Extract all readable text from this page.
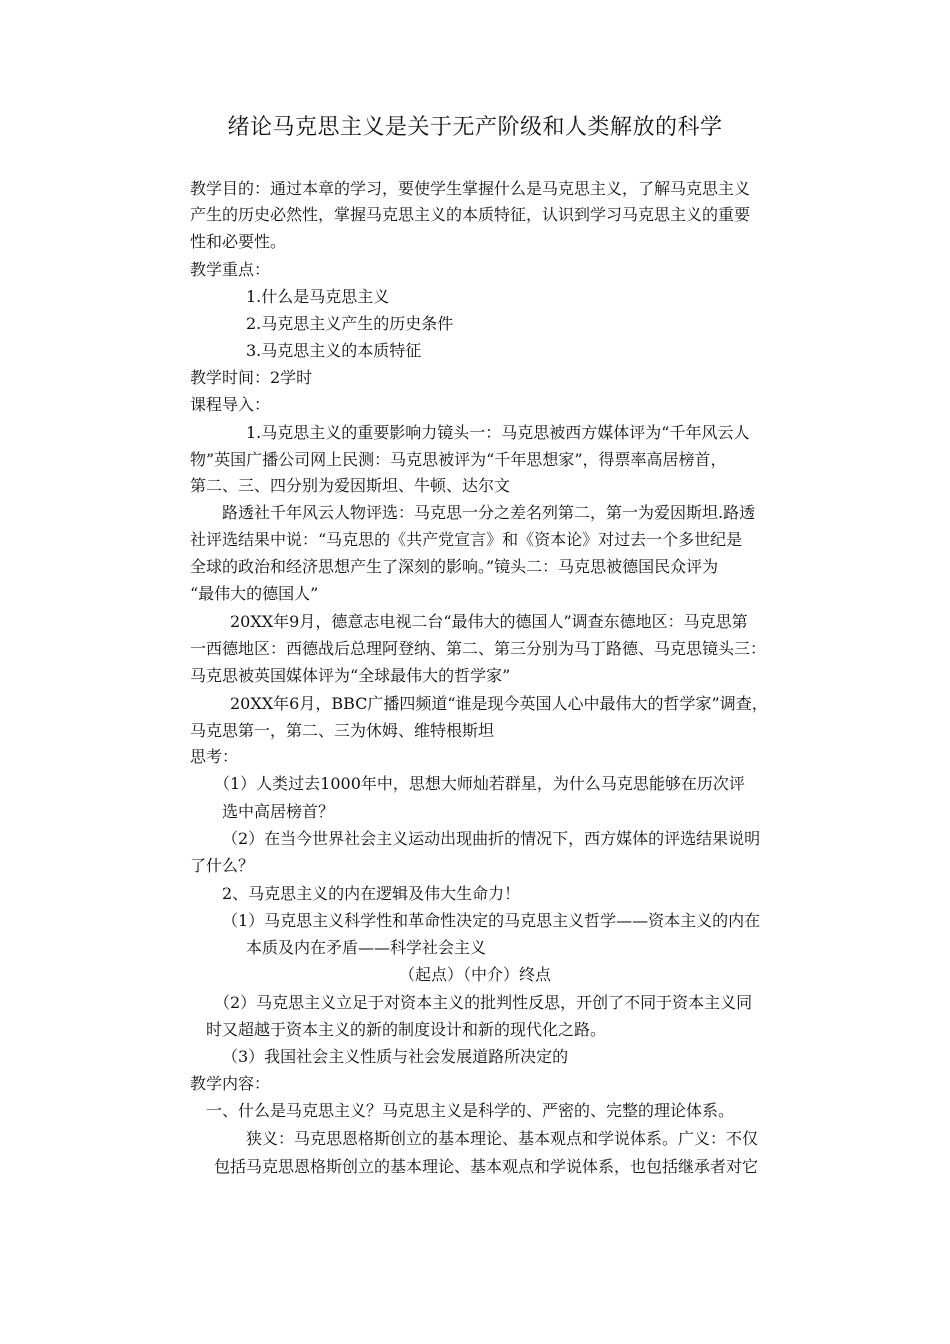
绪论马克思主义是关于无产阶级和人类解放的科学
教学目的：通过本章的学习，要使学生掌握什么是马克思主义，了解马克思主义
产生的历史必然性，掌握马克思主义的本质特征，认识到学习马克思主义的重要
性和必要性。
教学重点：
1.什么是马克思主义
2.马克思主义产生的历史条件
3.马克思主义的本质特征
教学时间：2学时
课程导入：
1.马克思主义的重要影响力镜头一：马克思被西方媒体评为“千年风云人
物”英国广播公司网上民测：马克思被评为“千年思想家”，得票率高居榜首，
第二、三、四分别为爱因斯坦、牛顿、达尔文
路透社千年风云人物评选：马克思一分之差名列第二，第一为爱因斯坦.路透
社评选结果中说：“马克思的《共产党宣言》和《资本论》对过去一个多世纪是
全球的政治和经济思想产生了深刻的影响。”镜头二：马克思被德国民众评为
“最伟大的德国人”
20XX年9月，德意志电视二台“最伟大的德国人”调查东德地区：马克思第
一西德地区：西德战后总理阿登纳、第二、第三分别为马丁路德、马克思镜头三：
马克思被英国媒体评为“全球最伟大的哲学家”
20XX年6月，BBC广播四频道“谁是现今英国人心中最伟大的哲学家”调查，
马克思第一，第二、三为休姆、维特根斯坦
思考：
（1）人类过去1000年中，思想大师灿若群星，为什么马克思能够在历次评
选中高居榜首？
（2）在当今世界社会主义运动出现曲折的情况下，西方媒体的评选结果说明
了什么？
2、马克思主义的内在逻辑及伟大生命力！
（1）马克思主义科学性和革命性决定的马克思主义哲学——资本主义的内在
本质及内在矛盾——科学社会主义
（起点）（中介）终点
（2）马克思主义立足于对资本主义的批判性反思，开创了不同于资本主义同
时又超越于资本主义的新的制度设计和新的现代化之路。
（3）我国社会主义性质与社会发展道路所决定的
教学内容：
一、什么是马克思主义？马克思主义是科学的、严密的、完整的理论体系。
狭义：马克思恩格斯创立的基本理论、基本观点和学说体系。广义：不仅
包括马克思恩格斯创立的基本理论、基本观点和学说体系，也包括继承者对它
